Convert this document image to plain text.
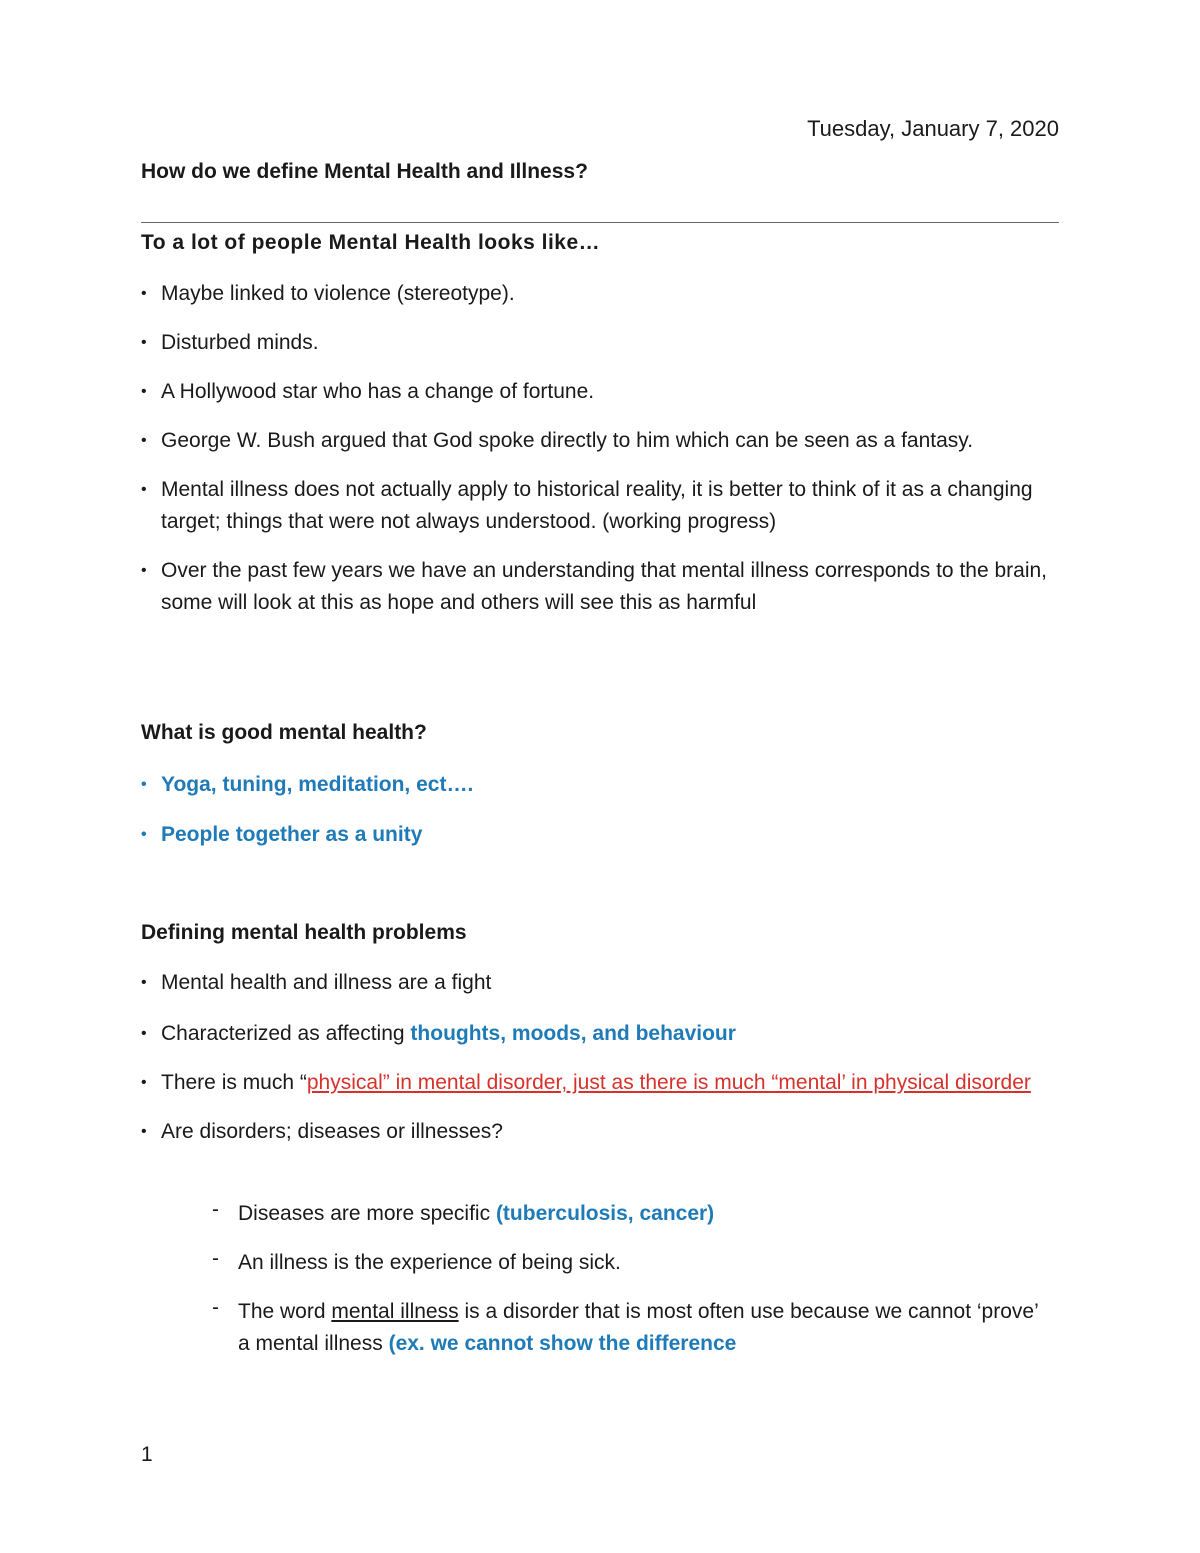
Tuesday, January 7, 2020
How do we define Mental Health and Illness?
To a lot of people Mental Health looks like…
• Maybe linked to violence (stereotype).
• Disturbed minds.
• A Hollywood star who has a change of fortune.
• George W. Bush argued that God spoke directly to him which can be seen as a fantasy.
• Mental illness does not actually apply to historical reality, it is better to think of it as a changing target; things that were not always understood. (working progress)
• Over the past few years we have an understanding that mental illness corresponds to the brain, some will look at this as hope and others will see this as harmful
What is good mental health?
• Yoga, tuning, meditation, ect….
• People together as a unity
Defining mental health problems
• Mental health and illness are a fight
• Characterized as affecting thoughts, moods, and behaviour
• There is much “physical” in mental disorder, just as there is much “mental’ in physical disorder
• Are disorders; diseases or illnesses?
- Diseases are more specific (tuberculosis, cancer)
- An illness is the experience of being sick.
- The word mental illness is a disorder that is most often use because we cannot ‘prove’ a mental illness (ex. we cannot show the difference
1
